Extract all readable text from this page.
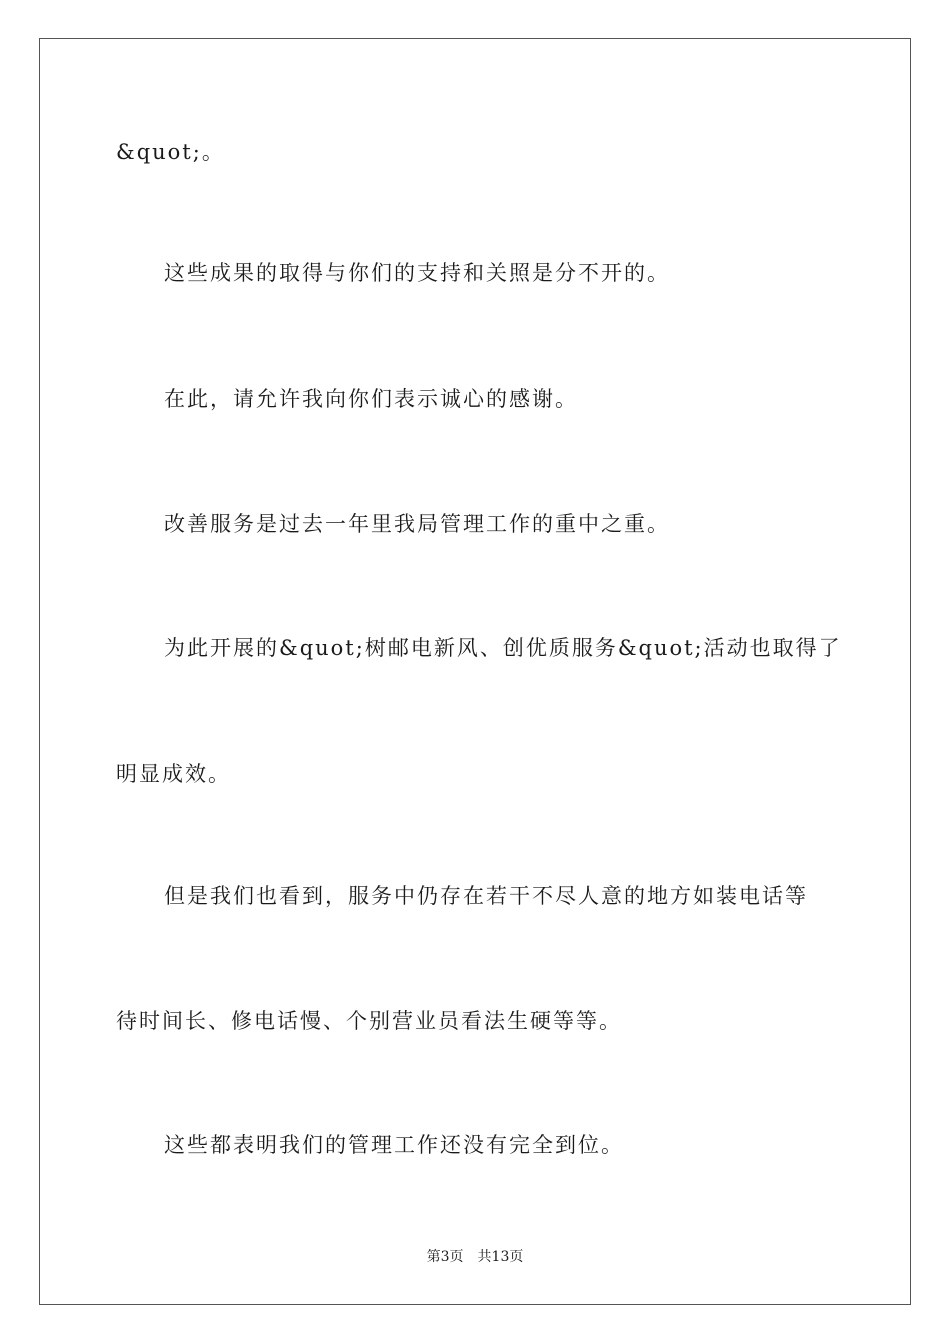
&quot;。
这些成果的取得与你们的支持和关照是分不开的。
在此，请允许我向你们表示诚心的感谢。
改善服务是过去一年里我局管理工作的重中之重。
为此开展的&quot;树邮电新风、创优质服务&quot;活动也取得了
明显成效。
但是我们也看到，服务中仍存在若干不尽人意的地方如装电话等
待时间长、修电话慢、个别营业员看法生硬等等。
这些都表明我们的管理工作还没有完全到位。
第3页 共13页
